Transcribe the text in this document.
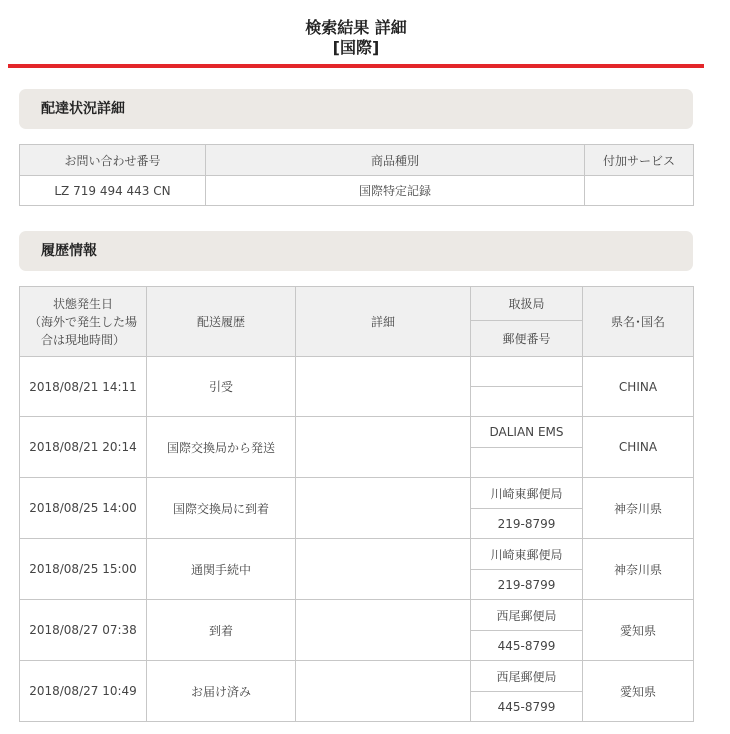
検索結果 詳細
[国際]
配達状況詳細
お問い合わせ番号	商品種別	付加サービス
LZ 719 494 443 CN	国際特定記録	
履歴情報
状態発生日
（海外で発生した場
合は現地時間）	配送履歴	詳細	取扱局	県名･国名
			郵便番号	
2018/08/21 14:11	引受			CHINA

2018/08/21 20:14	国際交換局から発送		DALIAN EMS	CHINA

2018/08/25 14:00	国際交換局に到着		川崎東郵便局	神奈川県
			219-8799	
2018/08/25 15:00	通関手続中		川崎東郵便局	神奈川県
			219-8799	
2018/08/27 07:38	到着		西尾郵便局	愛知県
			445-8799	
2018/08/27 10:49	お届け済み		西尾郵便局	愛知県
			445-8799	
